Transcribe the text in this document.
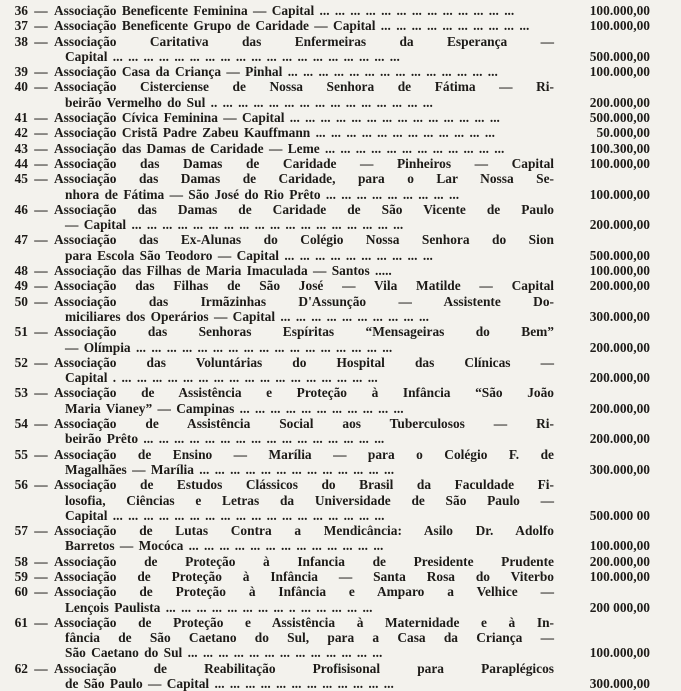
36 — Associação Beneficente Feminina — Capital ... ... ... ... ... ... ... ... ... ... ... ... ...	100.000,00
37 — Associação Beneficente Grupo de Caridade — Capital ... ... ... ... ... ... ... ... ... ...	100.000,00
38 — Associação Caritativa das Enfermeiras da Esperança —
Capital ... ... ... ... ... ... ... ... ... ... ... ... ... ... ... ... ... ... ...	500.000,00
39 — Associação Casa da Criança — Pinhal ... ... ... ... ... ... ... ... ... ... ... ... ... ...	100.000,00
40 — Associação Cisterciense de Nossa Senhora de Fátima — Ri-
beirão Vermelho do Sul .. ... ... ... ... ... ... ... ... ... ... ... ... ... ...	200.000,00
41 — Associação Cívica Feminina — Capital ... ... ... ... ... ... ... ... ... ... ... ... ... ...	500.000,00
42 — Associação Cristã Padre Zabeu Kauffmann ... ... ... ... ... ... ... ... ... ... ... ...	50.000,00
43 — Associação das Damas de Caridade — Leme ... ... ... ... ... ... ... ... ... ... ... ...	100.300,00
44 — Associação das Damas de Caridade — Pinheiros — Capital	100.000,00
45 — Associação das Damas de Caridade, para o Lar Nossa Se-
nhora de Fátima — São José do Rio Prêto ... ... ... ... ... ... ... ... ...	100.000,00
46 — Associação das Damas de Caridade de São Vicente de Paulo
— Capital ... ... ... ... ... ... ... ... ... ... ... ... ... ... ... ... ... ...	200.000,00
47 — Associação das Ex-Alunas do Colégio Nossa Senhora do Sion
para Escola São Teodoro — Capital ... ... ... ... ... ... ... ... ... ...	500.000,00
48 — Associação das Filhas de Maria Imaculada — Santos .....	100.000,00
49 — Associação das Filhas de São José — Vila Matilde — Capital	200.000,00
50 — Associação das Irmãzinhas D'Assunção — Assistente Do-
miciliares dos Operários — Capital ... ... ... ... ... ... ... ... ... ...	300.000,00
51 — Associação das Senhoras Espíritas “Mensageiras do Bem”
— Olímpia ... ... ... ... ... ... ... ... ... ... ... ... ... ... ... ... ...	200.000,00
52 — Associação das Voluntárias do Hospital das Clínicas —
Capital . ... ... ... ... ... ... ... ... ... ... ... ... ... ... ... ... ...	200.000,00
53 — Associação de Assistência e Proteção à Infância “São João
Maria Vianey” — Campinas ... ... ... ... ... ... ... ... ... ... ...	200.000,00
54 — Associação de Assistência Social aos Tuberculosos — Ri-
beirão Prêto ... ... ... ... ... ... ... ... ... ... ... ... ... ... ... ...	200.000,00
55 — Associação de Ensino — Marília — para o Colégio F. de
Magalhães — Marília ... ... ... ... ... ... ... ... ... ... ... ... ...	300.000,00
56 — Associação de Estudos Clássicos do Brasil da Faculdade Fi-
losofia, Ciências e Letras da Universidade de São Paulo —
Capital ... ... ... ... ... ... ... ... ... ... ... ... ... ... ... ... ... ...	500.000 00
57 — Associação de Lutas Contra a Mendicância: Asilo Dr. Adolfo
Barretos — Mocóca ... ... ... ... ... ... ... ... ... ... ... ... ...	100.000,00
58 — Associação de Proteção à Infancia de Presidente Prudente	200.000,00
59 — Associação de Proteção à Infância — Santa Rosa do Viterbo	100.000,00
60 — Associação de Proteção à Infância e Amparo a Velhice —
Lençois Paulista ... ... ... ... ... ... ... ... .. ... ... ... ... ...	200 000,00
61 — Associação de Proteção e Assistência à Maternidade e à In-
fância de São Caetano do Sul, para a Casa da Criança —
São Caetano do Sul ... ... ... ... ... ... ... ... ... ... ... ... ...	100.000,00
62 — Associação de Reabilitação Profisisonal para Paraplégicos
de São Paulo — Capital ... ... ... ... ... ... ... ... ... ... ... ...	300.000,00
